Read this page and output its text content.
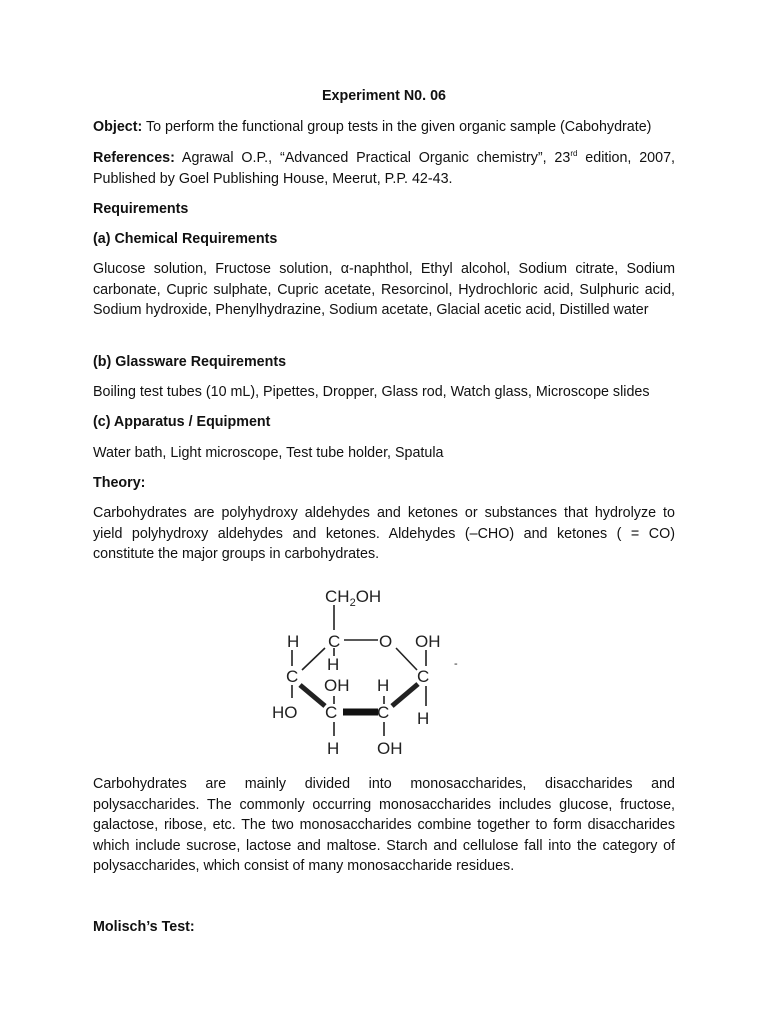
Experiment N0. 06

Object: To perform the functional group tests in the given organic sample (Cabohydrate)

References: Agrawal O.P., “Advanced Practical Organic chemistry”, 23rd edition, 2007, Published by Goel Publishing House, Meerut, P.P. 42-43.

Requirements

(a) Chemical Requirements

Glucose solution, Fructose solution, α-naphthol, Ethyl alcohol, Sodium citrate, Sodium carbonate, Cupric sulphate, Cupric acetate, Resorcinol, Hydrochloric acid, Sulphuric acid, Sodium hydroxide, Phenylhydrazine, Sodium acetate, Glacial acetic acid, Distilled water

(b) Glassware Requirements

Boiling test tubes (10 mL), Pipettes, Dropper, Glass rod, Watch glass, Microscope slides

(c) Apparatus / Equipment

Water bath, Light microscope, Test tube holder, Spatula

Theory:

Carbohydrates are polyhydroxy aldehydes and ketones or substances that hydrolyze to yield polyhydroxy aldehydes and ketones. Aldehydes (–CHO) and ketones ( = CO) constitute the major groups in carbohydrates.

$CH_2OH$
C O OH
H
H	-
C
C OH H
HO C C H
H OH

Carbohydrates are mainly divided into monosaccharides, disaccharides and polysaccharides. The commonly occurring monosaccharides includes glucose, fructose, galactose, ribose, etc. The two monosaccharides combine together to form disaccharides which include sucrose, lactose and maltose. Starch and cellulose fall into the category of polysaccharides, which consist of many monosaccharide residues.

Molisch’s Test:
